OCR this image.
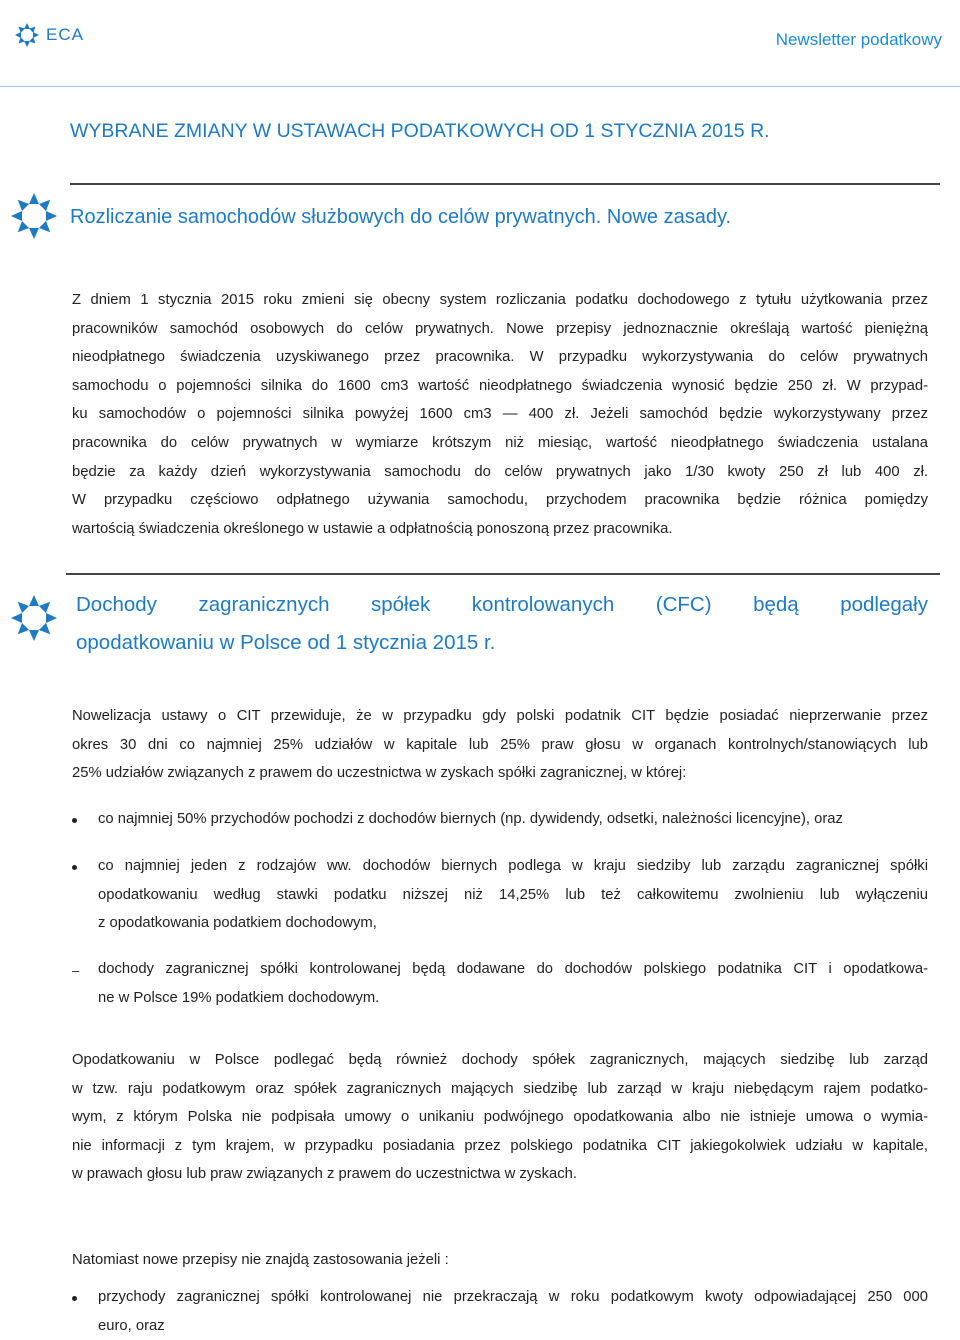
ECA	Newsletter podatkowy
WYBRANE ZMIANY W USTAWACH PODATKOWYCH OD 1 STYCZNIA 2015 R.
Rozliczanie samochodów służbowych do celów prywatnych. Nowe zasady.
Z dniem 1 stycznia 2015 roku zmieni się obecny system rozliczania podatku dochodowego z tytułu użytkowania przez
pracowników samochód osobowych do celów prywatnych. Nowe przepisy jednoznacznie określają wartość pieniężną
nieodpłatnego świadczenia uzyskiwanego przez pracownika. W przypadku wykorzystywania do celów prywatnych
samochodu o pojemności silnika do 1600 cm3 wartość nieodpłatnego świadczenia wynosić będzie 250 zł. W przypad-
ku samochodów o pojemności silnika powyżej 1600 cm3 — 400 zł. Jeżeli samochód będzie wykorzystywany przez
pracownika do celów prywatnych w wymiarze krótszym niż miesiąc, wartość nieodpłatnego świadczenia ustalana
będzie za każdy dzień wykorzystywania samochodu do celów prywatnych jako 1/30 kwoty 250 zł lub 400 zł.
W przypadku częściowo odpłatnego używania samochodu, przychodem pracownika będzie różnica pomiędzy
wartością świadczenia określonego w ustawie a odpłatnością ponoszoną przez pracownika.
Dochody zagranicznych spółek kontrolowanych (CFC) będą podlegały
opodatkowaniu w Polsce od 1 stycznia 2015 r.
Nowelizacja ustawy o CIT przewiduje, że w przypadku gdy polski podatnik CIT będzie posiadać nieprzerwanie przez
okres 30 dni co najmniej 25% udziałów w kapitale lub 25% praw głosu w organach kontrolnych/stanowiących lub
25% udziałów związanych z prawem do uczestnictwa w zyskach spółki zagranicznej, w której:
co najmniej 50% przychodów pochodzi z dochodów biernych (np. dywidendy, odsetki, należności licencyjne), oraz
co najmniej jeden z rodzajów ww. dochodów biernych podlega w kraju siedziby lub zarządu zagranicznej spółki
opodatkowaniu według stawki podatku niższej niż 14,25% lub też całkowitemu zwolnieniu lub wyłączeniu
z opodatkowania podatkiem dochodowym,
– dochody zagranicznej spółki kontrolowanej będą dodawane do dochodów polskiego podatnika CIT i opodatkowa-
ne w Polsce 19% podatkiem dochodowym.
Opodatkowaniu w Polsce podlegać będą również dochody spółek zagranicznych, mających siedzibę lub zarząd
w tzw. raju podatkowym oraz spółek zagranicznych mających siedzibę lub zarząd w kraju niebędącym rajem podatko-
wym, z którym Polska nie podpisała umowy o unikaniu podwójnego opodatkowania albo nie istnieje umowa o wymia-
nie informacji z tym krajem, w przypadku posiadania przez polskiego podatnika CIT jakiegokolwiek udziału w kapitale,
w prawach głosu lub praw związanych z prawem do uczestnictwa w zyskach.
Natomiast nowe przepisy nie znajdą zastosowania jeżeli :
przychody zagranicznej spółki kontrolowanej nie przekraczają w roku podatkowym kwoty odpowiadającej 250 000
euro, oraz
